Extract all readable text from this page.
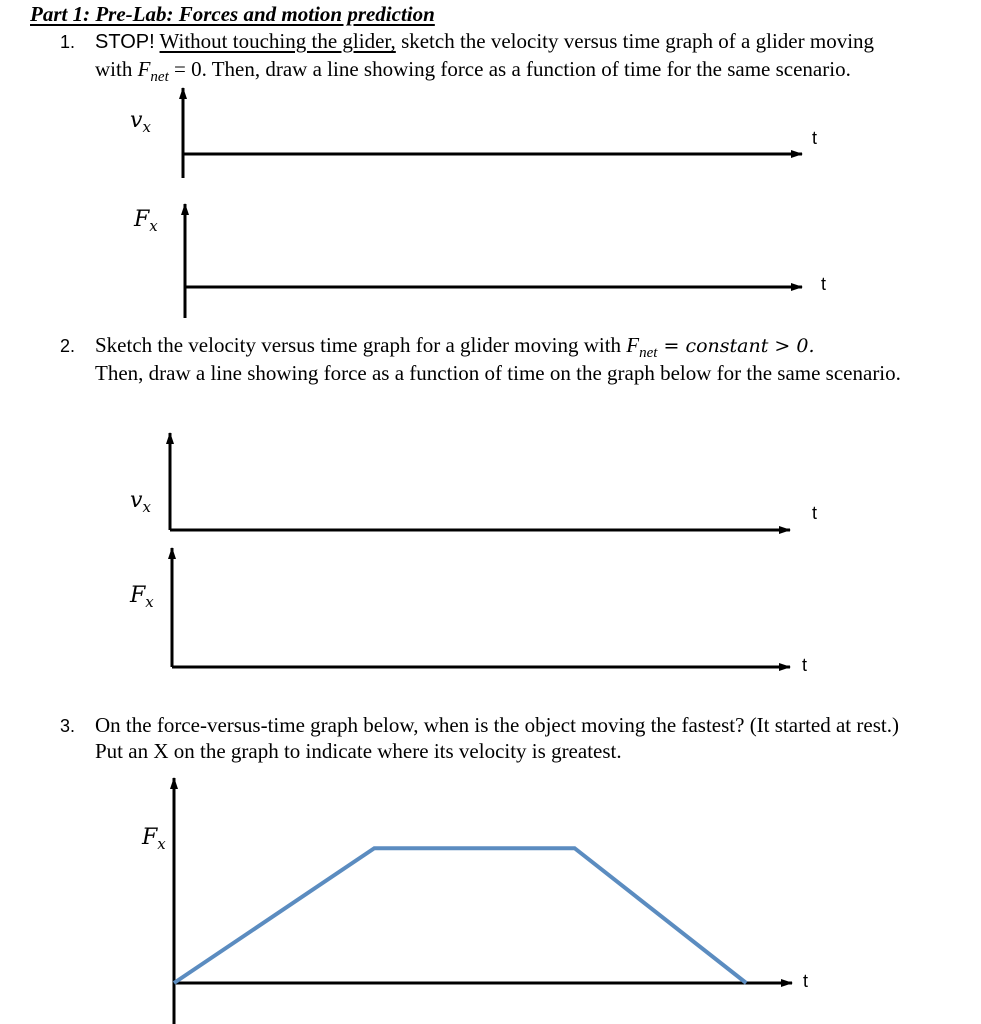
Part 1: Pre-Lab: Forces and motion prediction
1. STOP! Without touching the glider, sketch the velocity versus time graph of a glider moving
with $F_{net} = 0$. Then, draw a line showing force as a function of time for the same scenario.
2. Sketch the velocity versus time graph for a glider moving with $F_{net}$ = constant > 0.
Then, draw a line showing force as a function of time on the graph below for the same scenario.
3. On the force-versus-time graph below, when is the object moving the fastest? (It started at rest.)
Put an X on the graph to indicate where its velocity is greatest.
$v_x$
$F_x$
t
t
$v_x$
$F_x$
t
t
$F_x$
t
